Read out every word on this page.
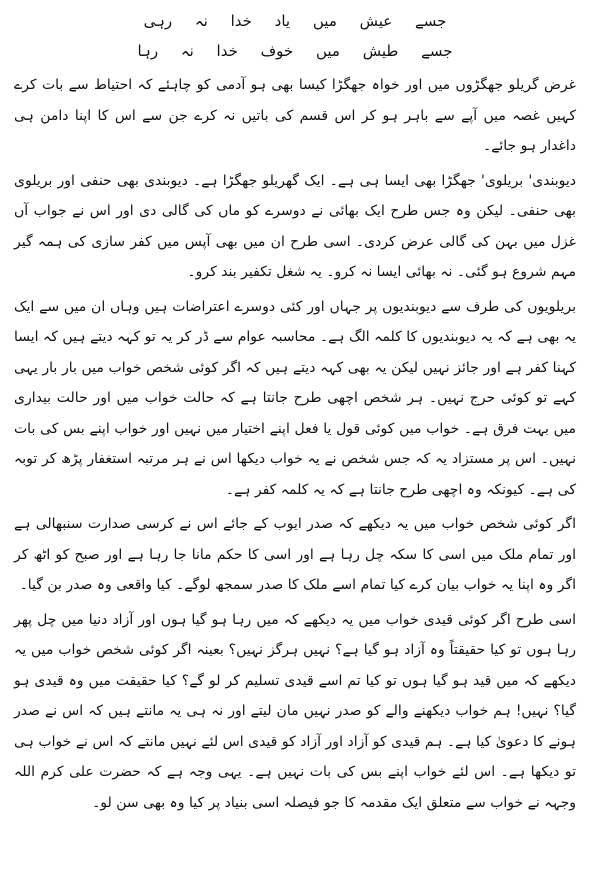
جسے عیش میں یاد خدا نہ رہی
جسے طیش میں خوف خدا نہ رہا

غرض گریلو جھگڑوں میں اور خواہ جھگڑا کیسا بھی ہو آدمی کو چاہئے کہ احتیاط سے بات کرے کہیں غصہ میں آپے سے باہر ہو کر اس قسم کی باتیں نہ کرے جن سے اس کا اپنا دامن ہی داغدار ہو جائے۔

دیوبندی' بریلوی' جھگڑا بھی ایسا ہی ہے۔ ایک گھریلو جھگڑا ہے۔ دیوبندی بھی حنفی اور بریلوی بھی حنفی۔ لیکن وہ جس طرح ایک بھائی نے دوسرے کو ماں کی گالی دی اور اس نے جواب آں غزل میں بہن کی گالی عرض کردی۔ اسی طرح ان میں بھی آپس میں کفر سازی کی ہمہ گیر مہم شروع ہو گئی۔ نہ بھائی ایسا نہ کرو۔ یہ شغل تکفیر بند کرو۔

بریلویوں کی طرف سے دیوبندیوں پر جہاں اور کئی دوسرے اعتراضات ہیں وہاں ان میں سے ایک یہ بھی ہے کہ یہ دیوبندیوں کا کلمہ الگ ہے۔ محاسبہ عوام سے ڈر کر یہ تو کہہ دیتے ہیں کہ ایسا کہنا کفر ہے اور جائز نہیں لیکن یہ بھی کہہ دیتے ہیں کہ اگر کوئی شخص خواب میں بار بار یہی کہے تو کوئی حرج نہیں۔ ہر شخص اچھی طرح جانتا ہے کہ حالت خواب میں اور حالت بیداری میں بہت فرق ہے۔ خواب میں کوئی قول یا فعل اپنے اختیار میں نہیں اور خواب اپنے بس کی بات نہیں۔ اس پر مستزاد یہ کہ جس شخص نے یہ خواب دیکھا اس نے ہر مرتبہ استغفار پڑھ کر توبہ کی ہے۔ کیونکہ وہ اچھی طرح جانتا ہے کہ یہ کلمہ کفر ہے۔

اگر کوئی شخص خواب میں یہ دیکھے کہ صدر ایوب کے جائے اس نے کرسی صدارت سنبھالی ہے اور تمام ملک میں اسی کا سکہ چل رہا ہے اور اسی کا حکم مانا جا رہا ہے اور صبح کو اٹھ کر اگر وہ اپنا یہ خواب بیان کرے کیا تمام اسے ملک کا صدر سمجھ لوگے۔ کیا واقعی وہ صدر بن گیا۔

اسی طرح اگر کوئی قیدی خواب میں یہ دیکھے کہ میں رہا ہو گیا ہوں اور آزاد دنیا میں چل پھر رہا ہوں تو کیا حقیقتاً وہ آزاد ہو گیا ہے؟ نہیں ہرگز نہیں؟ بعینہ اگر کوئی شخص خواب میں یہ دیکھے کہ میں قید ہو گیا ہوں تو کیا تم اسے قیدی تسلیم کر لو گے؟ کیا حقیقت میں وہ قیدی ہو گیا؟ نہیں! ہم خواب دیکھنے والے کو صدر نہیں مان لیتے اور نہ ہی یہ مانتے ہیں کہ اس نے صدر ہونے کا دعویٰ کیا ہے۔ ہم قیدی کو آزاد اور آزاد کو قیدی اس لئے نہیں مانتے کہ اس نے خواب ہی تو دیکھا ہے۔ اس لئے خواب اپنے بس کی بات نہیں ہے۔ یہی وجہ ہے کہ حضرت علی کرم اللہ وجہہ نے خواب سے متعلق ایک مقدمہ کا جو فیصلہ اسی بنیاد پر کیا وہ بھی سن لو۔
